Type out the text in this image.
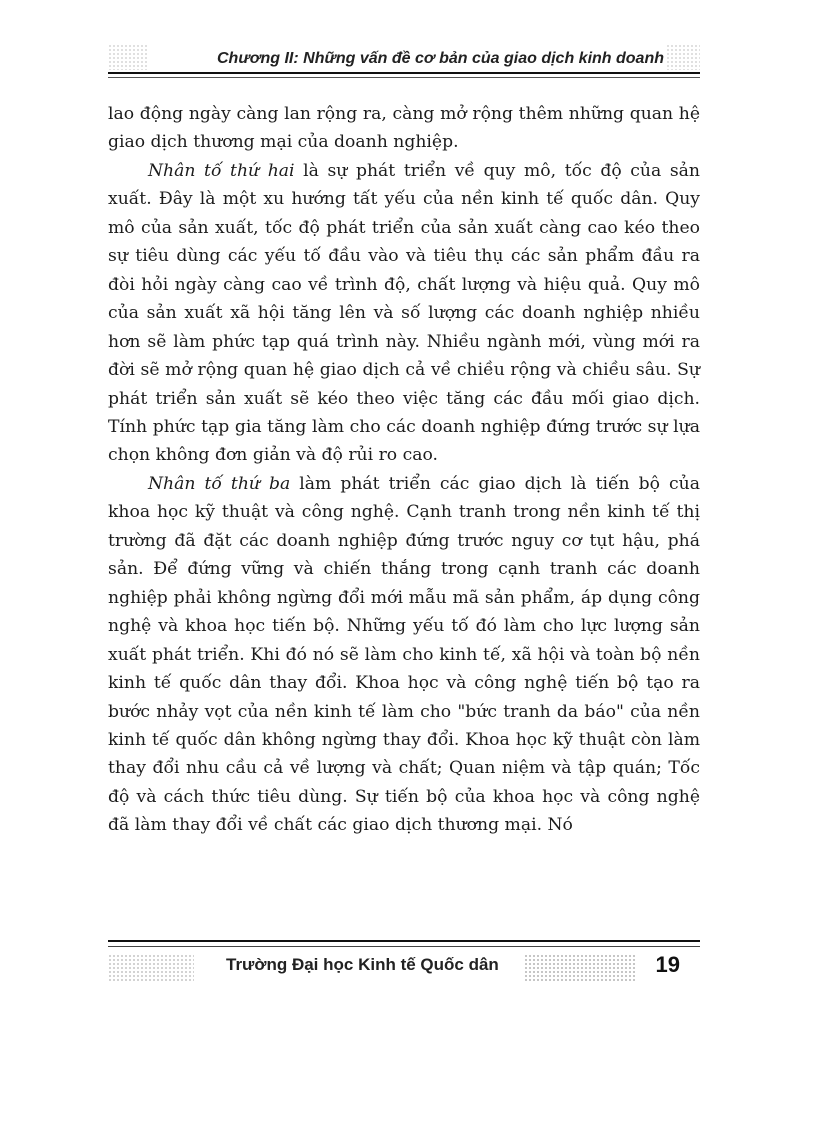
Chương II: Những vấn đề cơ bản của giao dịch kinh doanh

lao động ngày càng lan rộng ra, càng mở rộng thêm những quan hệ giao dịch thương mại của doanh nghiệp.

Nhân tố thứ hai là sự phát triển về quy mô, tốc độ của sản xuất. Đây là một xu hướng tất yếu của nền kinh tế quốc dân. Quy mô của sản xuất, tốc độ phát triển của sản xuất càng cao kéo theo sự tiêu dùng các yếu tố đầu vào và tiêu thụ các sản phẩm đầu ra đòi hỏi ngày càng cao về trình độ, chất lượng và hiệu quả. Quy mô của sản xuất xã hội tăng lên và số lượng các doanh nghiệp nhiều hơn sẽ làm phức tạp quá trình này. Nhiều ngành mới, vùng mới ra đời sẽ mở rộng quan hệ giao dịch cả về chiều rộng và chiều sâu. Sự phát triển sản xuất sẽ kéo theo việc tăng các đầu mối giao dịch. Tính phức tạp gia tăng làm cho các doanh nghiệp đứng trước sự lựa chọn không đơn giản và độ rủi ro cao.

Nhân tố thứ ba làm phát triển các giao dịch là tiến bộ của khoa học kỹ thuật và công nghệ. Cạnh tranh trong nền kinh tế thị trường đã đặt các doanh nghiệp đứng trước nguy cơ tụt hậu, phá sản. Để đứng vững và chiến thắng trong cạnh tranh các doanh nghiệp phải không ngừng đổi mới mẫu mã sản phẩm, áp dụng công nghệ và khoa học tiến bộ. Những yếu tố đó làm cho lực lượng sản xuất phát triển. Khi đó nó sẽ làm cho kinh tế, xã hội và toàn bộ nền kinh tế quốc dân thay đổi. Khoa học và công nghệ tiến bộ tạo ra bước nhảy vọt của nền kinh tế làm cho "bức tranh da báo" của nền kinh tế quốc dân không ngừng thay đổi. Khoa học kỹ thuật còn làm thay đổi nhu cầu cả về lượng và chất; Quan niệm và tập quán; Tốc độ và cách thức tiêu dùng. Sự tiến bộ của khoa học và công nghệ đã làm thay đổi về chất các giao dịch thương mại. Nó

Trường Đại học Kinh tế Quốc dân	19
